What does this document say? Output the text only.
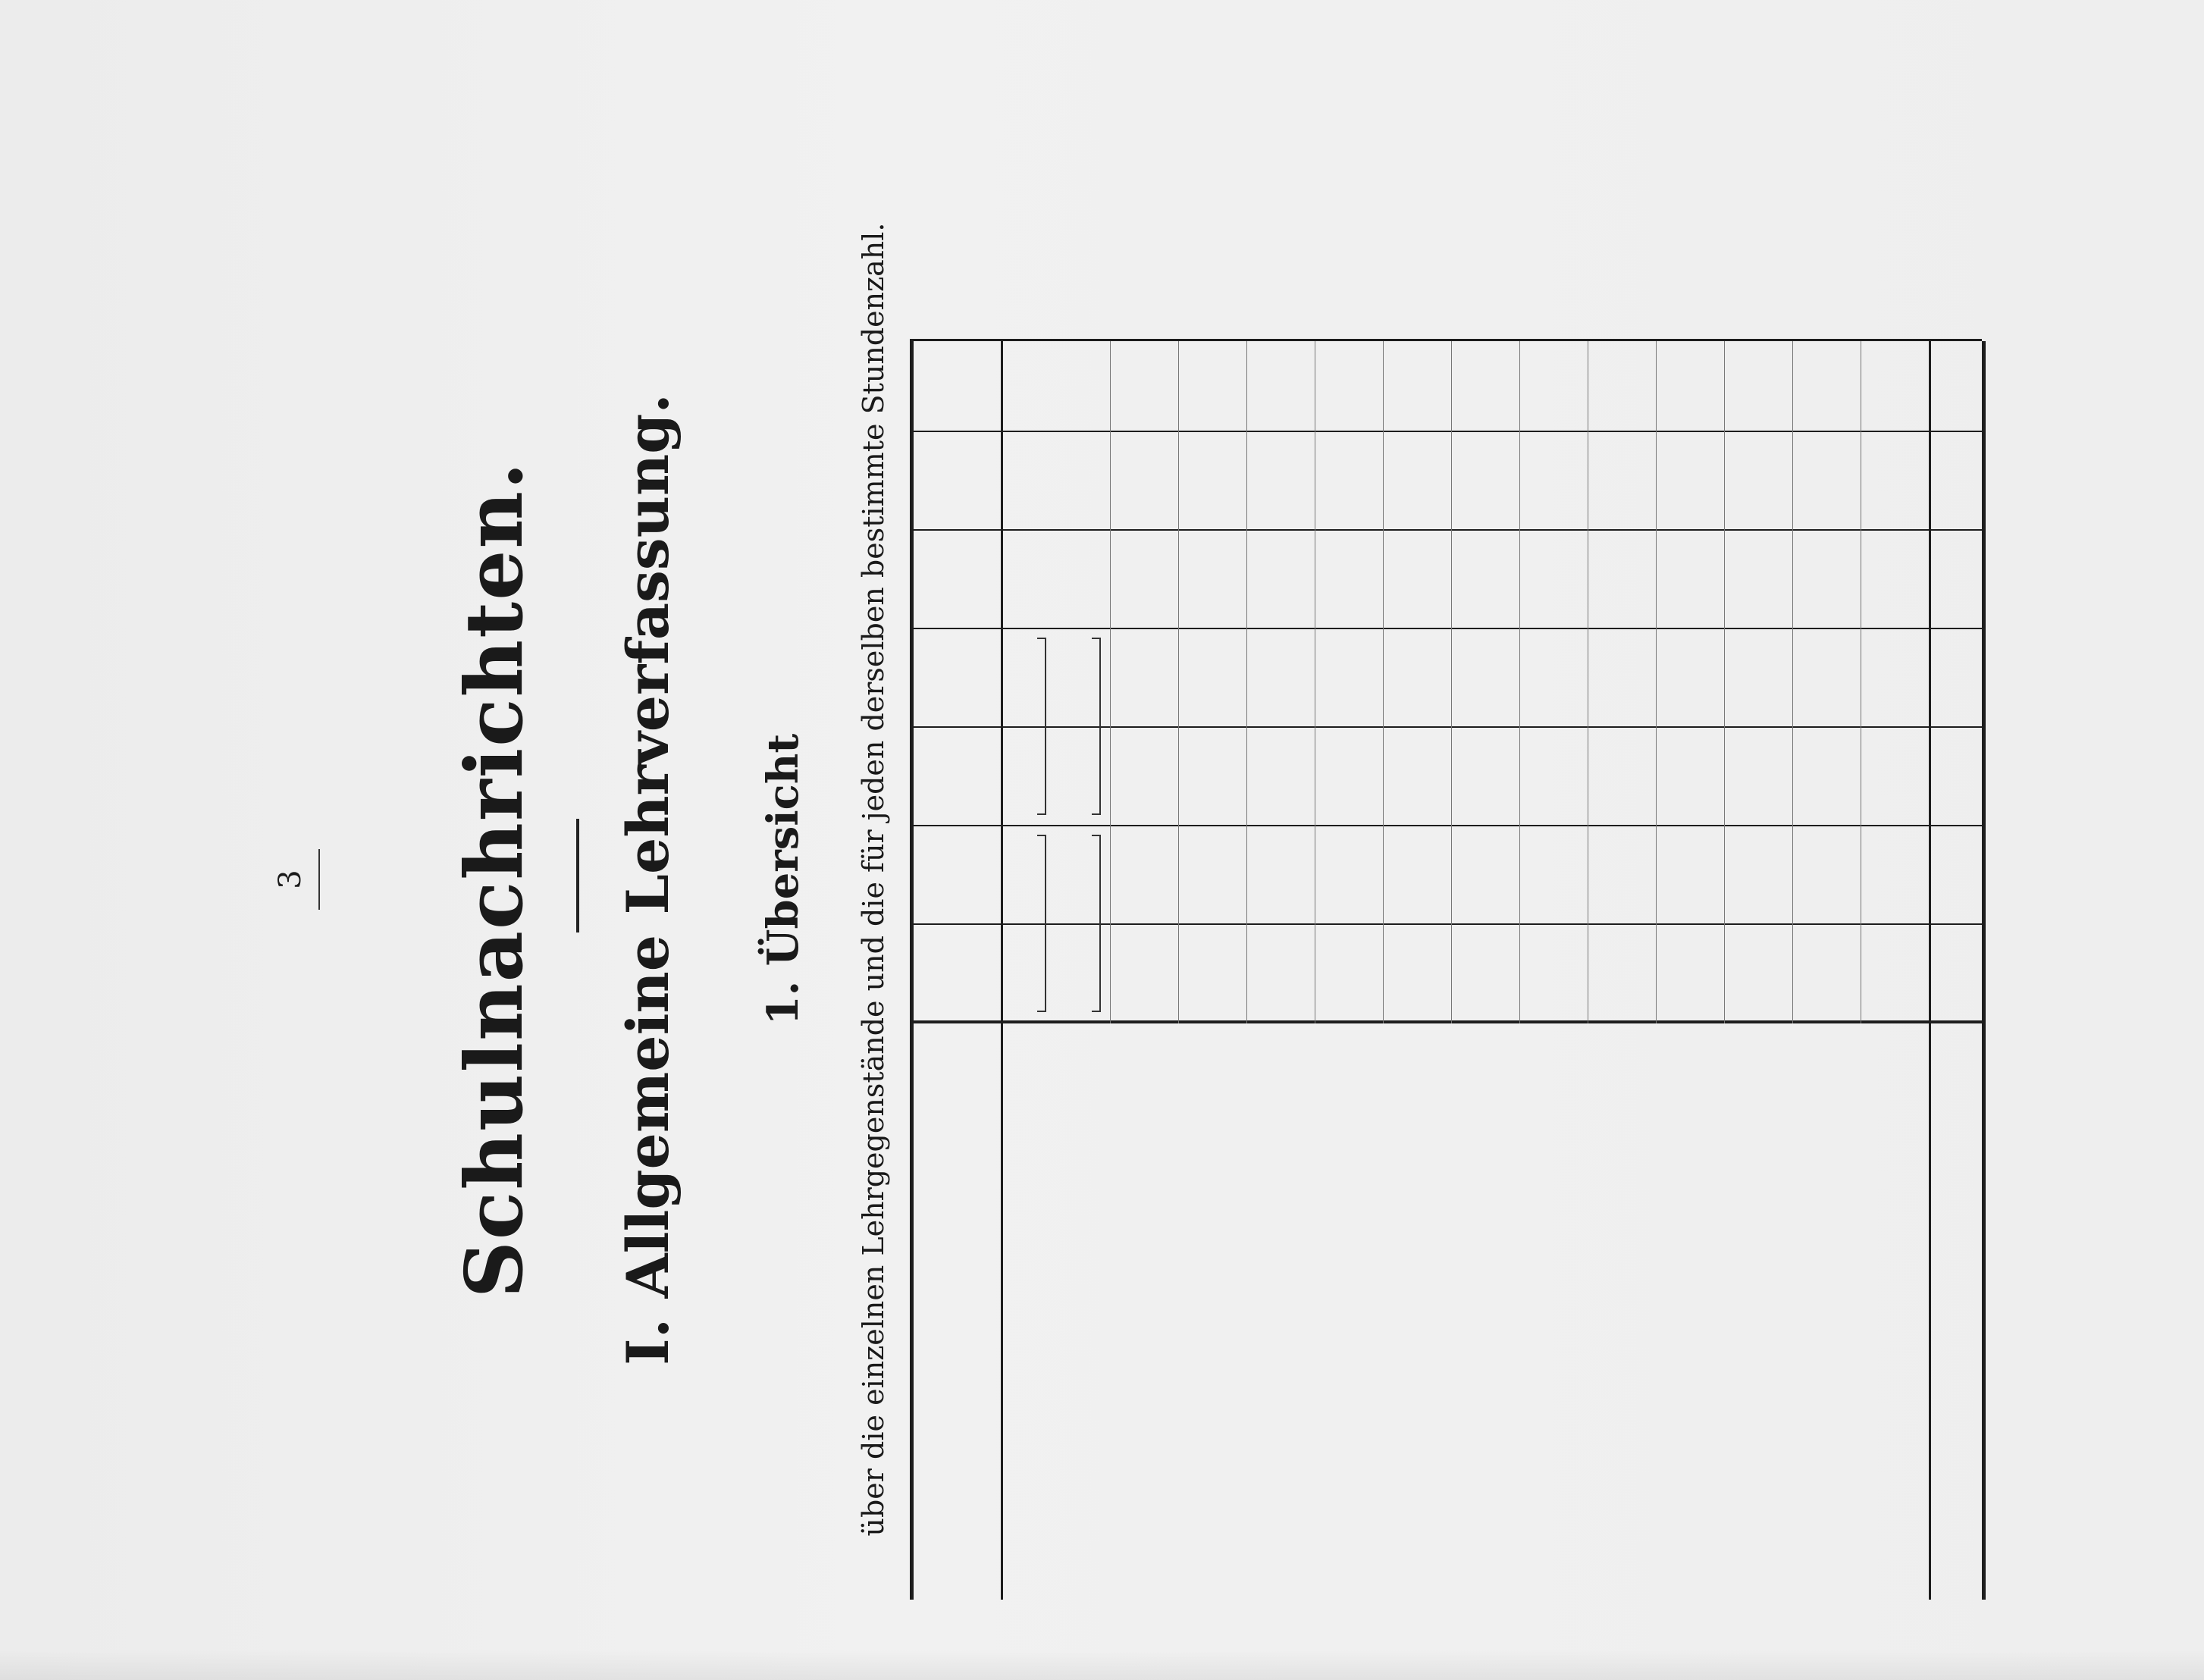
3 Schulnachrichten. I. Allgemeine Lehrverfassung. 1. Übersicht über die einzelnen Lehrgegenstände und die für jeden derselben bestimmte Stundenzahl.
